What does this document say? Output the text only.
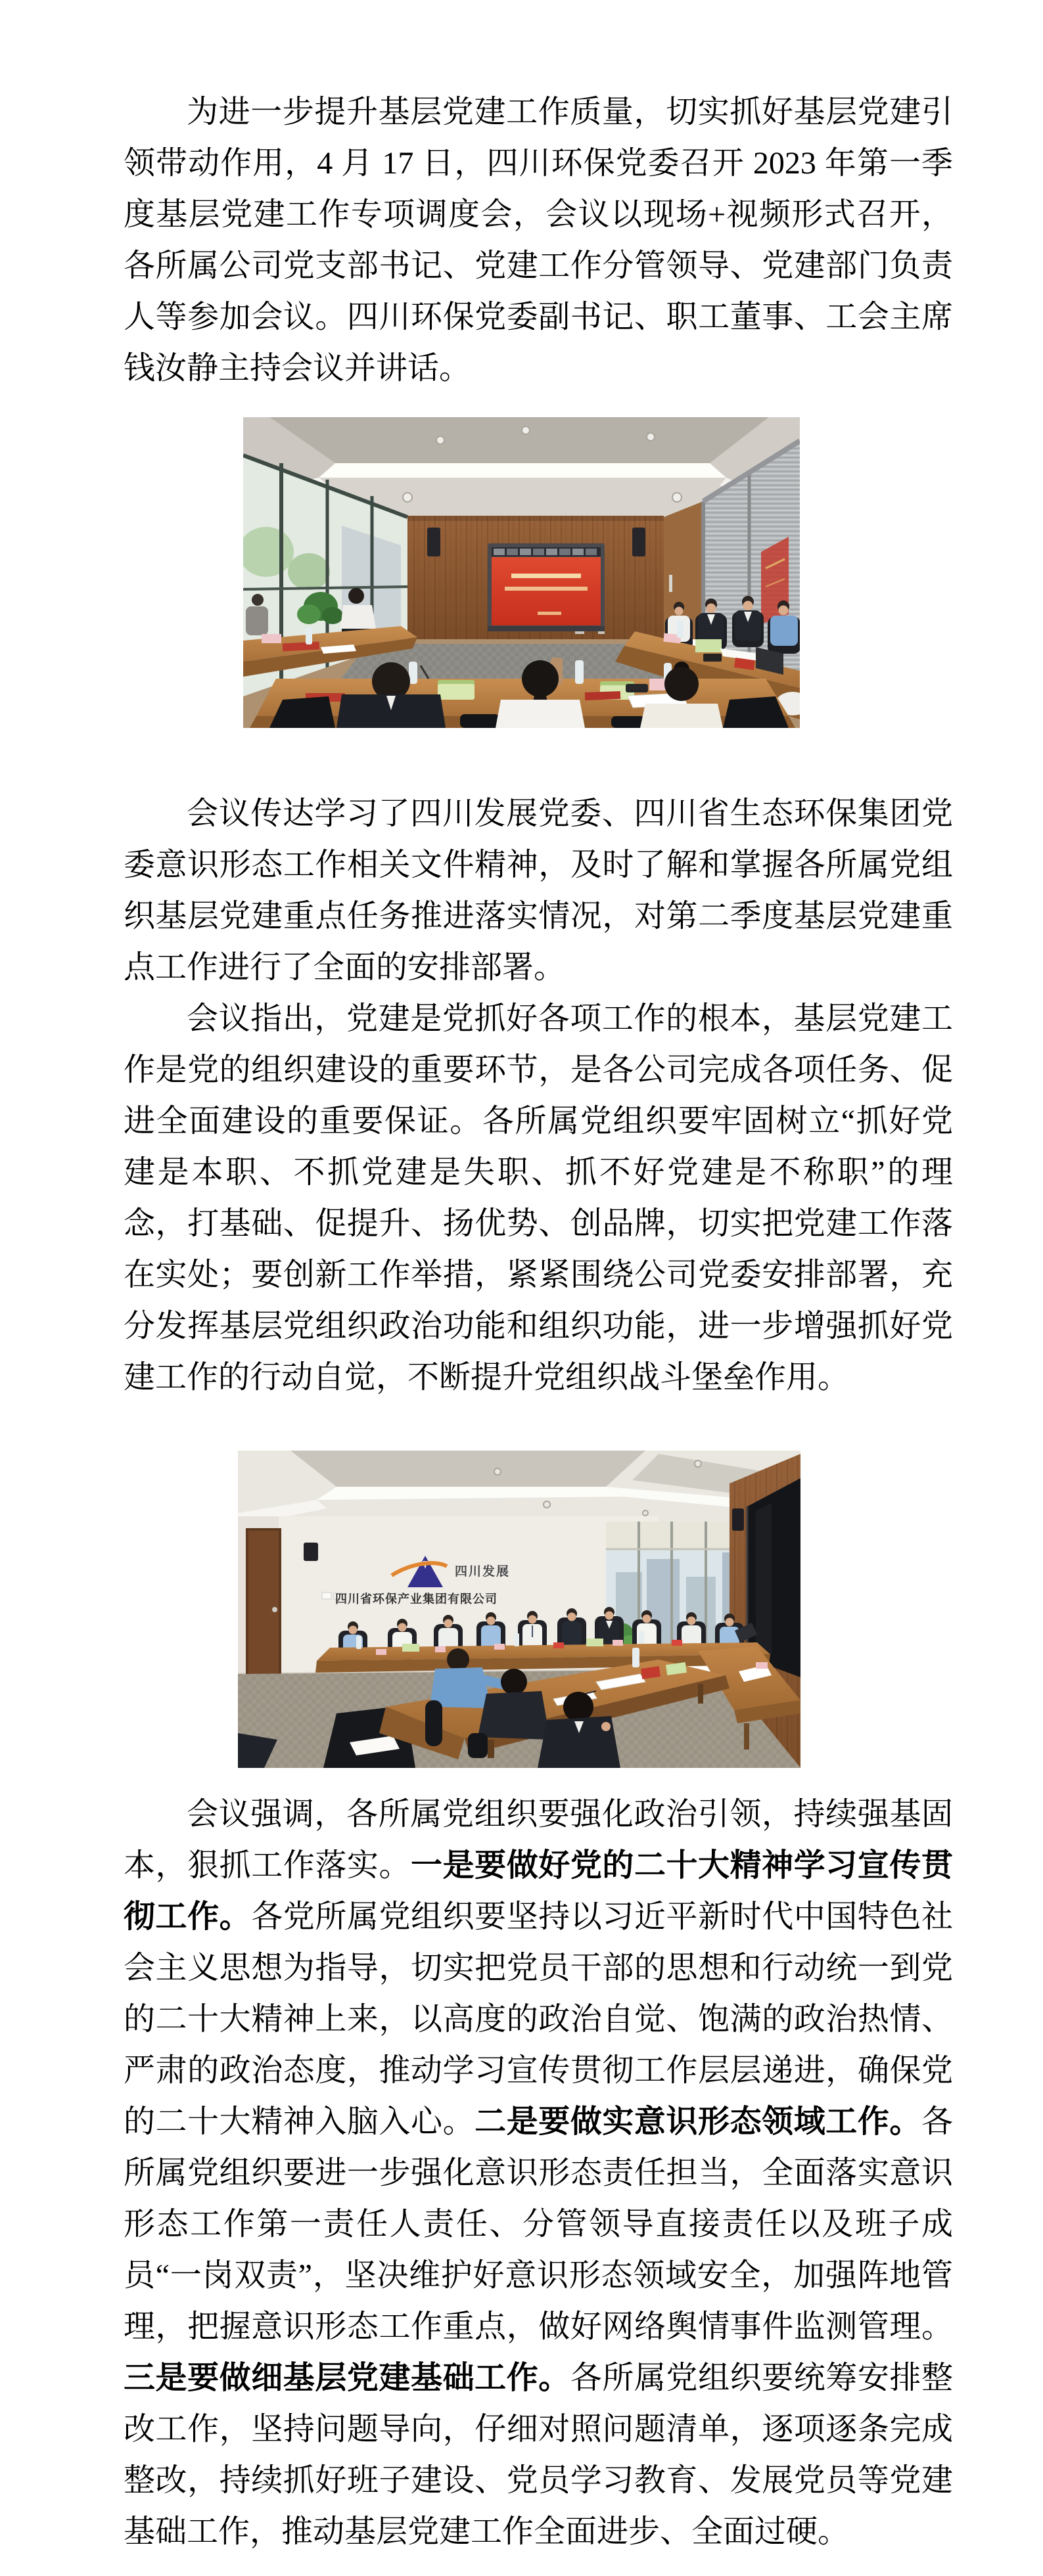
为进一步提升基层党建工作质量，切实抓好基层党建引领带动作用，4 月 17 日，四川环保党委召开 2023 年第一季度基层党建工作专项调度会，会议以现场+视频形式召开，各所属公司党支部书记、党建工作分管领导、党建部门负责人等参加会议。四川环保党委副书记、职工董事、工会主席钱汝静主持会议并讲话。

会议传达学习了四川发展党委、四川省生态环保集团党委意识形态工作相关文件精神，及时了解和掌握各所属党组织基层党建重点任务推进落实情况，对第二季度基层党建重点工作进行了全面的安排部署。

会议指出，党建是党抓好各项工作的根本，基层党建工作是党的组织建设的重要环节，是各公司完成各项任务、促进全面建设的重要保证。各所属党组织要牢固树立“抓好党建是本职、不抓党建是失职、抓不好党建是不称职”的理念，打基础、促提升、扬优势、创品牌，切实把党建工作落在实处；要创新工作举措，紧紧围绕公司党委安排部署，充分发挥基层党组织政治功能和组织功能，进一步增强抓好党建工作的行动自觉，不断提升党组织战斗堡垒作用。

四川发展
四川省环保产业集团有限公司

会议强调，各所属党组织要强化政治引领，持续强基固本，狠抓工作落实。一是要做好党的二十大精神学习宣传贯彻工作。各党所属党组织要坚持以习近平新时代中国特色社会主义思想为指导，切实把党员干部的思想和行动统一到党的二十大精神上来，以高度的政治自觉、饱满的政治热情、严肃的政治态度，推动学习宣传贯彻工作层层递进，确保党的二十大精神入脑入心。二是要做实意识形态领域工作。各所属党组织要进一步强化意识形态责任担当，全面落实意识形态工作第一责任人责任、分管领导直接责任以及班子成员“一岗双责”，坚决维护好意识形态领域安全，加强阵地管理，把握意识形态工作重点，做好网络舆情事件监测管理。三是要做细基层党建基础工作。各所属党组织要统筹安排整改工作，坚持问题导向，仔细对照问题清单，逐项逐条完成整改，持续抓好班子建设、党员学习教育、发展党员等党建基础工作，推动基层党建工作全面进步、全面过硬。
